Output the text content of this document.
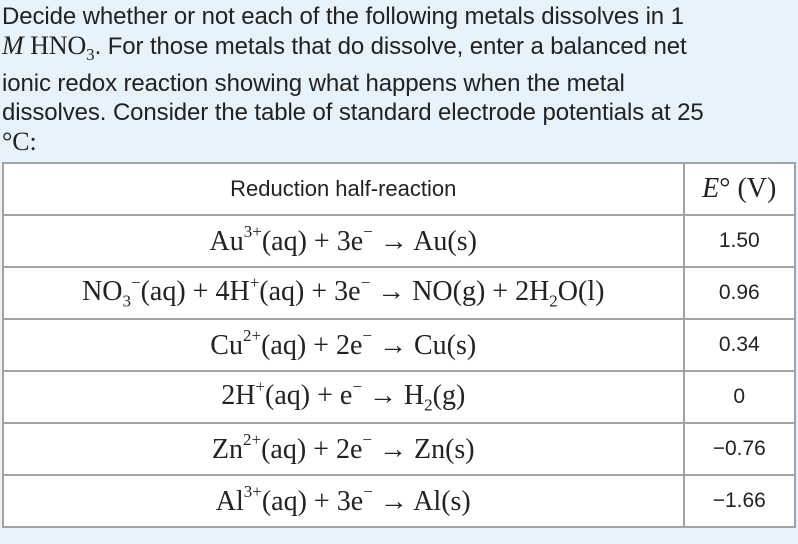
Decide whether or not each of the following metals dissolves in 1
M $HNO_3$. For those metals that do dissolve, enter a balanced net
ionic redox reaction showing what happens when the metal
dissolves. Consider the table of standard electrode potentials at 25
°C:
Reduction half-reaction	E° (V)
$Au^{3+}(aq) + 3e^- \to Au(s)$	1.50
$NO_3^-(aq) + 4H^+(aq) + 3e^- \to NO(g) + 2H_2O(l)$	0.96
$Cu^{2+}(aq) + 2e^- \to Cu(s)$	0.34
$2H^+(aq) + e^- \to H_2(g)$	0
$Zn^{2+}(aq) + 2e^- \to Zn(s)$	−0.76
$Al^{3+}(aq) + 3e^- \to Al(s)$	−1.66
